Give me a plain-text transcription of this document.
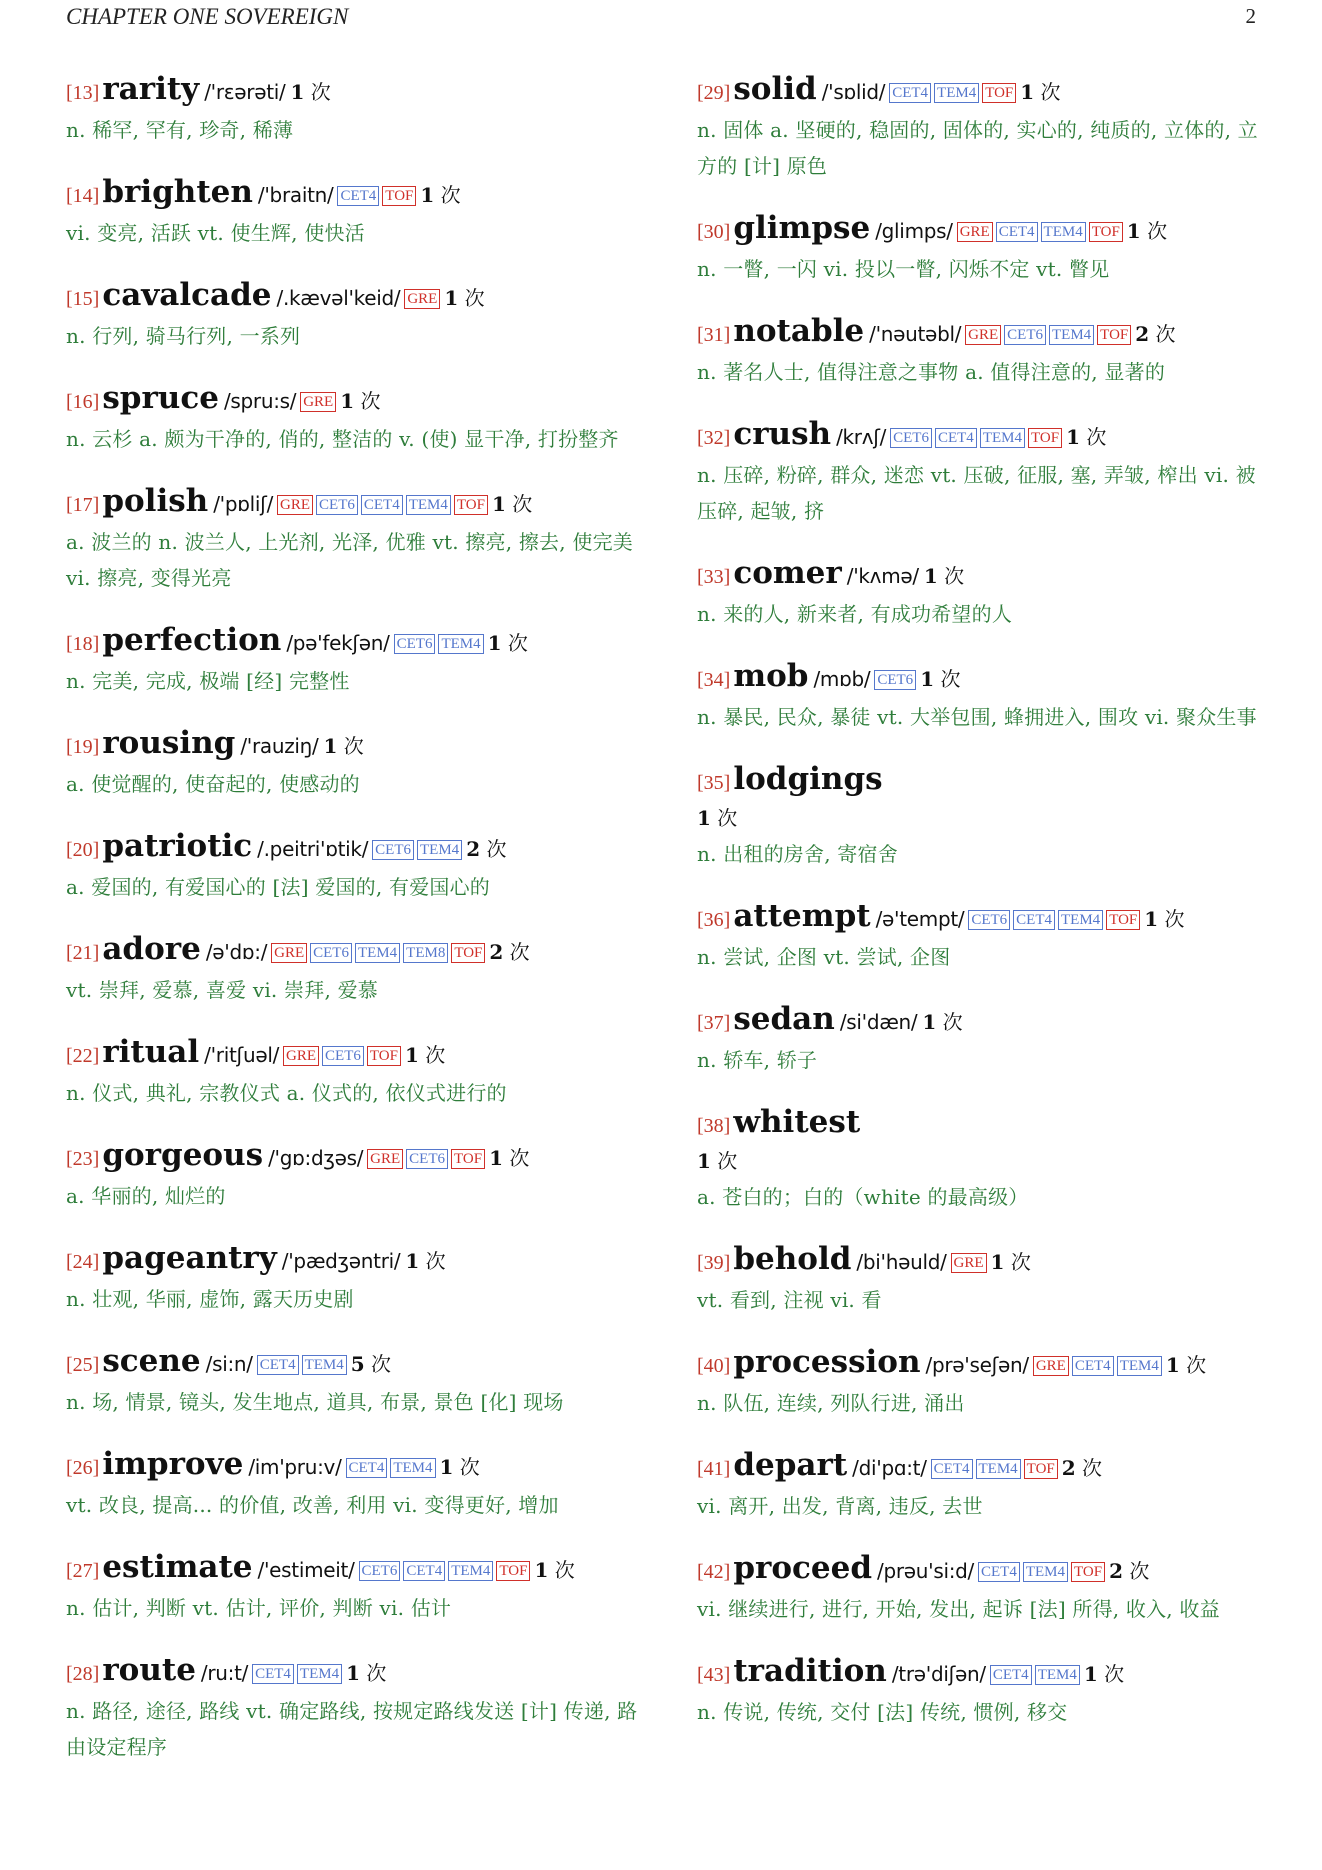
CHAPTER ONE SOVEREIGN	2
[13]rarity /'rɛərəti/ 1 次
n. 稀罕, 罕有, 珍奇, 稀薄
[14]brighten /'braitn/ CET4 TOF 1 次
vi. 变亮, 活跃 vt. 使生辉, 使快活
[15]cavalcade /.kævəl'keid/ GRE 1 次
n. 行列, 骑马行列, 一系列
[16]spruce /spru:s/ GRE 1 次
n. 云杉 a. 颇为干净的, 俏的, 整洁的 v. (使) 显干净, 打扮整齐
[17]polish /'pɒliʃ/ GRE CET6 CET4 TEM4 TOF 1 次
a. 波兰的 n. 波兰人, 上光剂, 光泽, 优雅 vt. 擦亮, 擦去, 使完美 vi. 擦亮, 变得光亮
[18]perfection /pə'fekʃən/ CET6 TEM4 1 次
n. 完美, 完成, 极端 [经] 完整性
[19]rousing /'rauziŋ/ 1 次
a. 使觉醒的, 使奋起的, 使感动的
[20]patriotic /.peitri'ɒtik/ CET6 TEM4 2 次
a. 爱国的, 有爱国心的 [法] 爱国的, 有爱国心的
[21]adore /ə'dɒ:/ GRE CET6 TEM4 TEM8 TOF 2 次
vt. 崇拜, 爱慕, 喜爱 vi. 崇拜, 爱慕
[22]ritual /'ritʃuəl/ GRE CET6 TOF 1 次
n. 仪式, 典礼, 宗教仪式 a. 仪式的, 依仪式进行的
[23]gorgeous /'gɒ:dʒəs/ GRE CET6 TOF 1 次
a. 华丽的, 灿烂的
[24]pageantry /'pædʒəntri/ 1 次
n. 壮观, 华丽, 虚饰, 露天历史剧
[25]scene /si:n/ CET4 TEM4 5 次
n. 场, 情景, 镜头, 发生地点, 道具, 布景, 景色 [化] 现场
[26]improve /im'pru:v/ CET4 TEM4 1 次
vt. 改良, 提高... 的价值, 改善, 利用 vi. 变得更好, 增加
[27]estimate /'estimeit/ CET6 CET4 TEM4 TOF 1 次
n. 估计, 判断 vt. 估计, 评价, 判断 vi. 估计
[28]route /ru:t/ CET4 TEM4 1 次
n. 路径, 途径, 路线 vt. 确定路线, 按规定路线发送 [计] 传递, 路由设定程序
[29]solid /'sɒlid/ CET4 TEM4 TOF 1 次
n. 固体 a. 坚硬的, 稳固的, 固体的, 实心的, 纯质的, 立体的, 立方的 [计] 原色
[30]glimpse /glimps/ GRE CET4 TEM4 TOF 1 次
n. 一瞥, 一闪 vi. 投以一瞥, 闪烁不定 vt. 瞥见
[31]notable /'nəutəbl/ GRE CET6 TEM4 TOF 2 次
n. 著名人士, 值得注意之事物 a. 值得注意的, 显著的
[32]crush /krʌʃ/ CET6 CET4 TEM4 TOF 1 次
n. 压碎, 粉碎, 群众, 迷恋 vt. 压破, 征服, 塞, 弄皱, 榨出 vi. 被压碎, 起皱, 挤
[33]comer /'kʌmə/ 1 次
n. 来的人, 新来者, 有成功希望的人
[34]mob /mɒb/ CET6 1 次
n. 暴民, 民众, 暴徒 vt. 大举包围, 蜂拥进入, 围攻 vi. 聚众生事
[35]lodgings
1 次
n. 出租的房舍, 寄宿舍
[36]attempt /ə'tempt/ CET6 CET4 TEM4 TOF 1 次
n. 尝试, 企图 vt. 尝试, 企图
[37]sedan /si'dæn/ 1 次
n. 轿车, 轿子
[38]whitest
1 次
a. 苍白的；白的（white 的最高级）
[39]behold /bi'həuld/ GRE 1 次
vt. 看到, 注视 vi. 看
[40]procession /prə'seʃən/ GRE CET4 TEM4 1 次
n. 队伍, 连续, 列队行进, 涌出
[41]depart /di'pɑ:t/ CET4 TEM4 TOF 2 次
vi. 离开, 出发, 背离, 违反, 去世
[42]proceed /prəu'si:d/ CET4 TEM4 TOF 2 次
vi. 继续进行, 进行, 开始, 发出, 起诉 [法] 所得, 收入, 收益
[43]tradition /trə'diʃən/ CET4 TEM4 1 次
n. 传说, 传统, 交付 [法] 传统, 惯例, 移交
